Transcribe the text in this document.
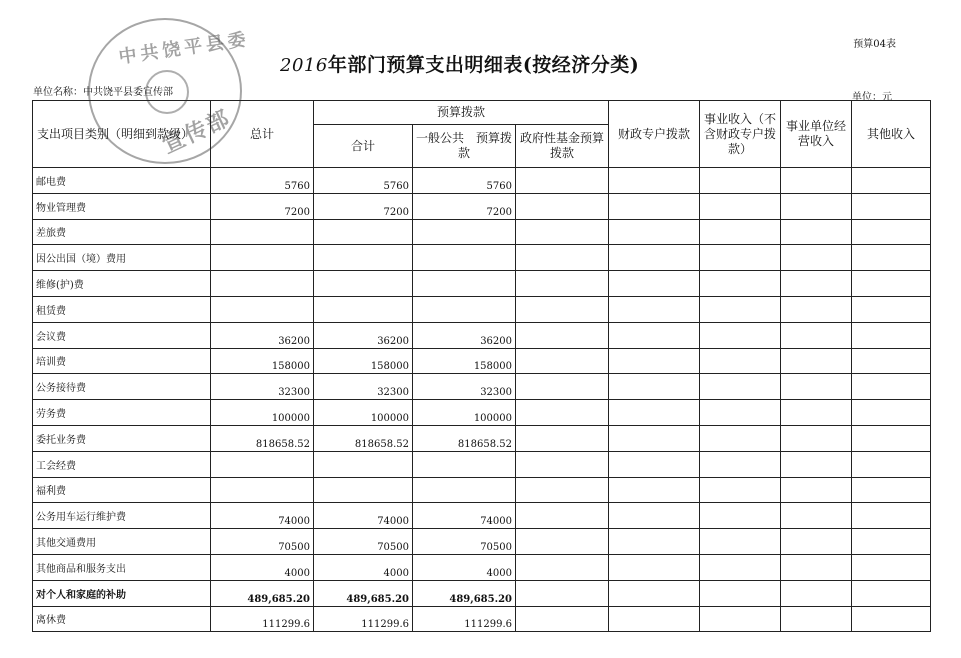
预算04表
2016年部门预算支出明细表(按经济分类)
单位名称：中共饶平县委宣传部	单位：元
支出项目类别（明细到款级）	总计	预算拨款			财政专户拨款	事业收入（不含财政专户拨款）	事业单位经营收入	其他收入
		合计	一般公共　预算拨款	政府性基金预算拨款				
邮电费	5760	5760	5760					
物业管理费	7200	7200	7200					
差旅费								
因公出国（境）费用								
维修(护)费								
租赁费								
会议费	36200	36200	36200					
培训费	158000	158000	158000					
公务接待费	32300	32300	32300					
劳务费	100000	100000	100000					
委托业务费	818658.52	818658.52	818658.52					
工会经费								
福利费								
公务用车运行维护费	74000	74000	74000					
其他交通费用	70500	70500	70500					
其他商品和服务支出	4000	4000	4000					
对个人和家庭的补助	489,685.20	489,685.20	489,685.20					
离休费	111299.6	111299.6	111299.6					
中共饶平县委
宣传部
